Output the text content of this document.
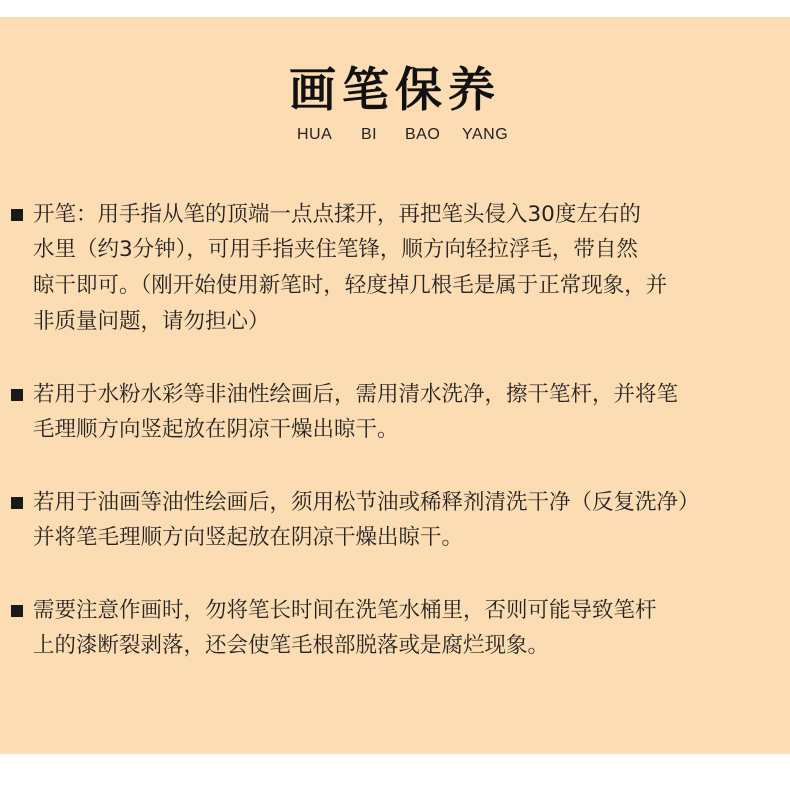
画笔保养
HUA BI BAO YANG
开笔：用手指从笔的顶端一点点揉开，再把笔头侵入30度左右的
水里（约3分钟），可用手指夹住笔锋，顺方向轻拉浮毛，带自然
晾干即可。（刚开始使用新笔时，轻度掉几根毛是属于正常现象，并
非质量问题，请勿担心）
若用于水粉水彩等非油性绘画后，需用清水洗净，擦干笔杆，并将笔
毛理顺方向竖起放在阴凉干燥出晾干。
若用于油画等油性绘画后，须用松节油或稀释剂清洗干净（反复洗净）
并将笔毛理顺方向竖起放在阴凉干燥出晾干。
需要注意作画时，勿将笔长时间在洗笔水桶里，否则可能导致笔杆
上的漆断裂剥落，还会使笔毛根部脱落或是腐烂现象。
